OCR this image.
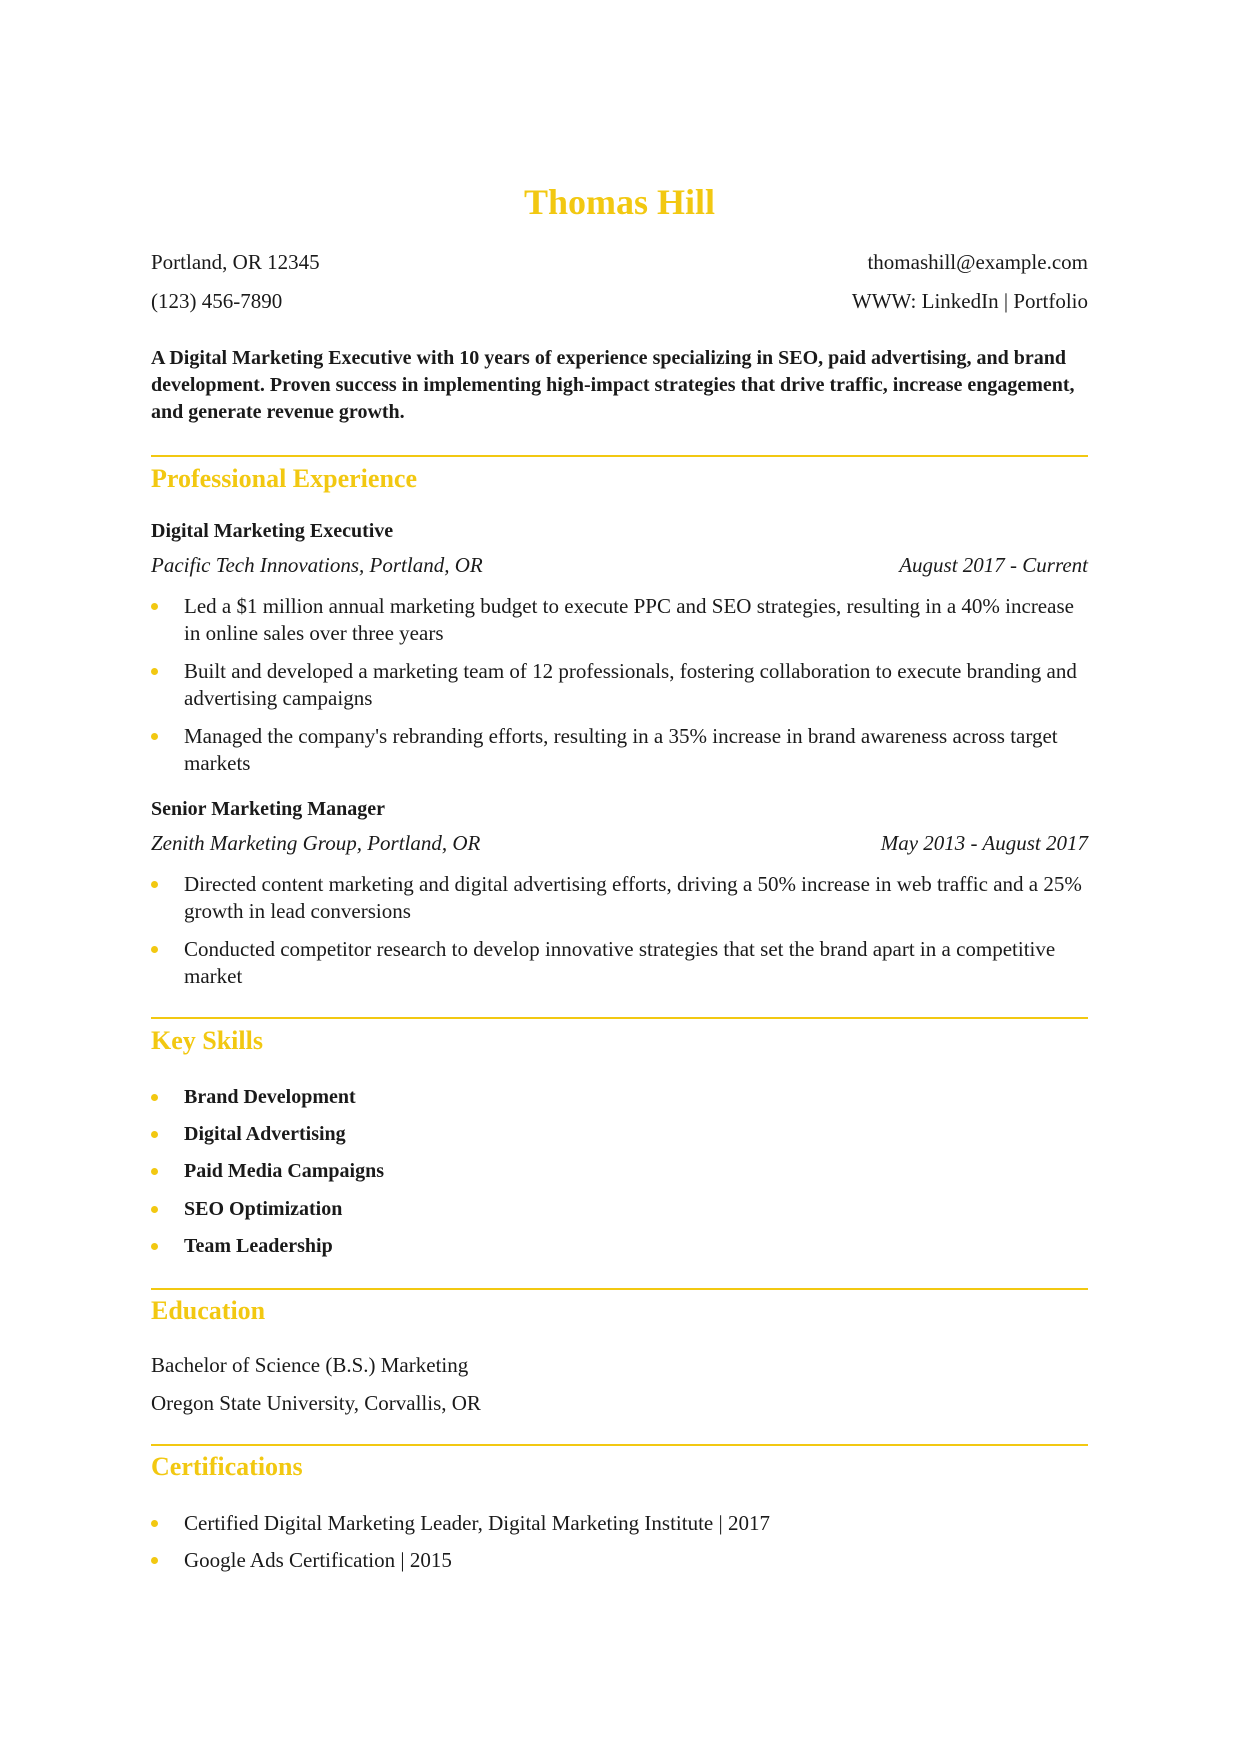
Thomas Hill
Portland, OR 12345	thomashill@example.com
(123) 456-7890	WWW: LinkedIn | Portfolio
A Digital Marketing Executive with 10 years of experience specializing in SEO, paid advertising, and brand development. Proven success in implementing high-impact strategies that drive traffic, increase engagement, and generate revenue growth.
Professional Experience
Digital Marketing Executive
Pacific Tech Innovations, Portland, OR	August 2017 - Current
Led a $1 million annual marketing budget to execute PPC and SEO strategies, resulting in a 40% increase in online sales over three years
Built and developed a marketing team of 12 professionals, fostering collaboration to execute branding and advertising campaigns
Managed the company's rebranding efforts, resulting in a 35% increase in brand awareness across target markets
Senior Marketing Manager
Zenith Marketing Group, Portland, OR	May 2013 - August 2017
Directed content marketing and digital advertising efforts, driving a 50% increase in web traffic and a 25% growth in lead conversions
Conducted competitor research to develop innovative strategies that set the brand apart in a competitive market
Key Skills
Brand Development
Digital Advertising
Paid Media Campaigns
SEO Optimization
Team Leadership
Education
Bachelor of Science (B.S.) Marketing
Oregon State University, Corvallis, OR
Certifications
Certified Digital Marketing Leader, Digital Marketing Institute | 2017
Google Ads Certification | 2015
